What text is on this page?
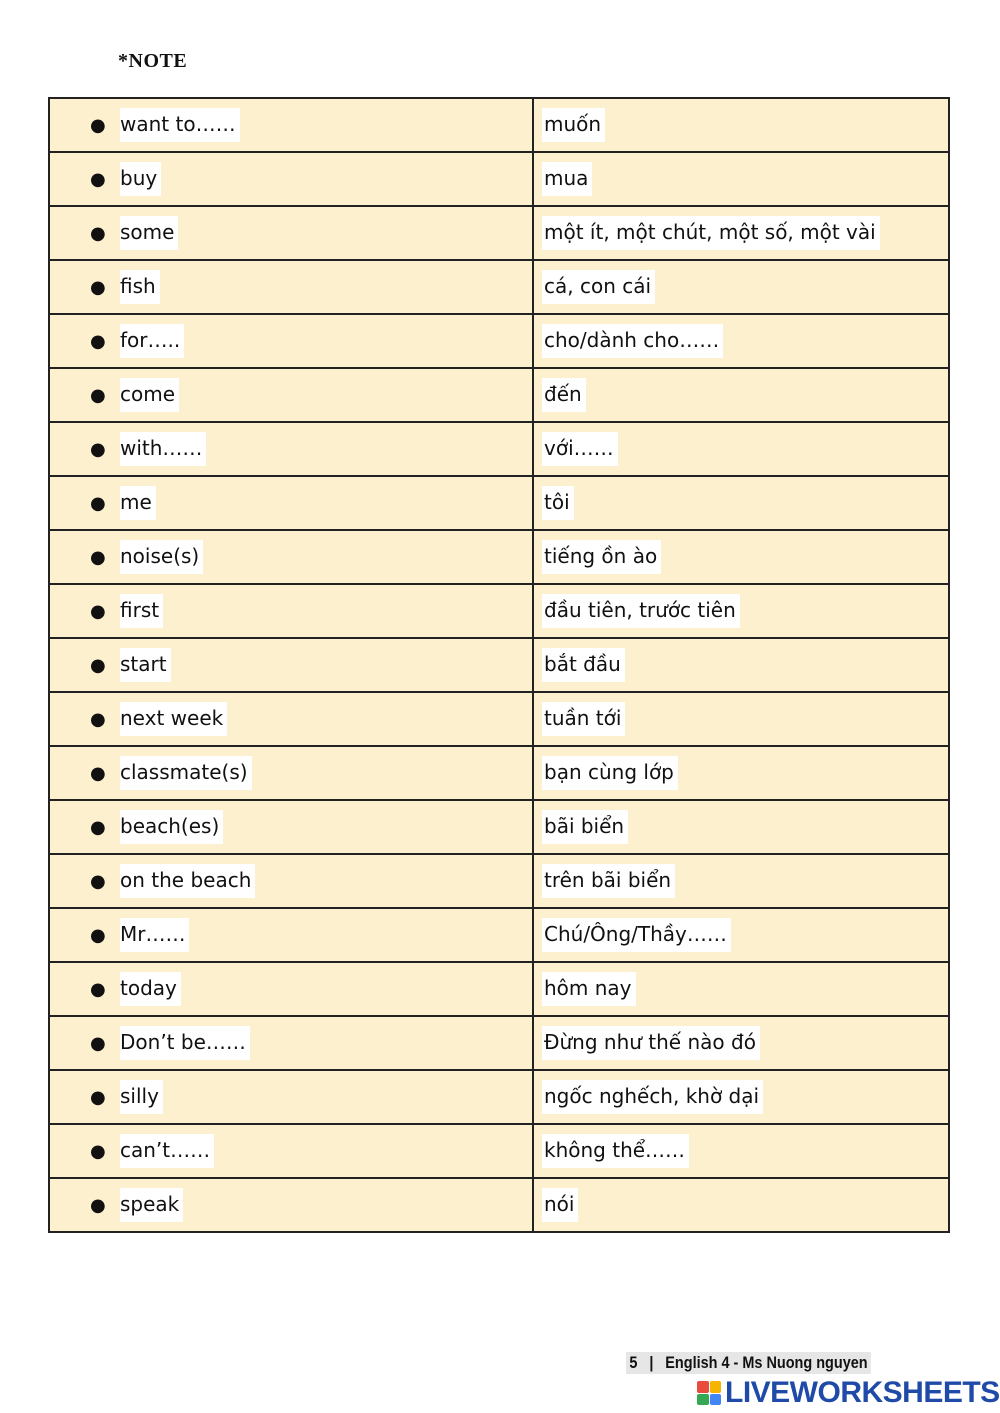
*NOTE
● want to……	muốn

● buy	mua

● some	một ít, một chút, một số, một vài

● fish	cá, con cái

● for…..	cho/dành cho……

● come	đến

● with……	với……

● me	tôi

● noise(s)	tiếng ồn ào

● first	đầu tiên, trước tiên

● start	bắt đầu

● next week	tuần tới

● classmate(s)	bạn cùng lớp

● beach(es)	bãi biển

● on the beach	trên bãi biển

● Mr……	Chú/Ông/Thầy……

● today	hôm nay

● Don’t be……	Đừng như thế nào đó

● silly	ngốc nghếch, khờ dại

● can’t……	không thể……

● speak	nói
5 | English 4 - Ms Nuong nguyen
LIVEWORKSHEETS
